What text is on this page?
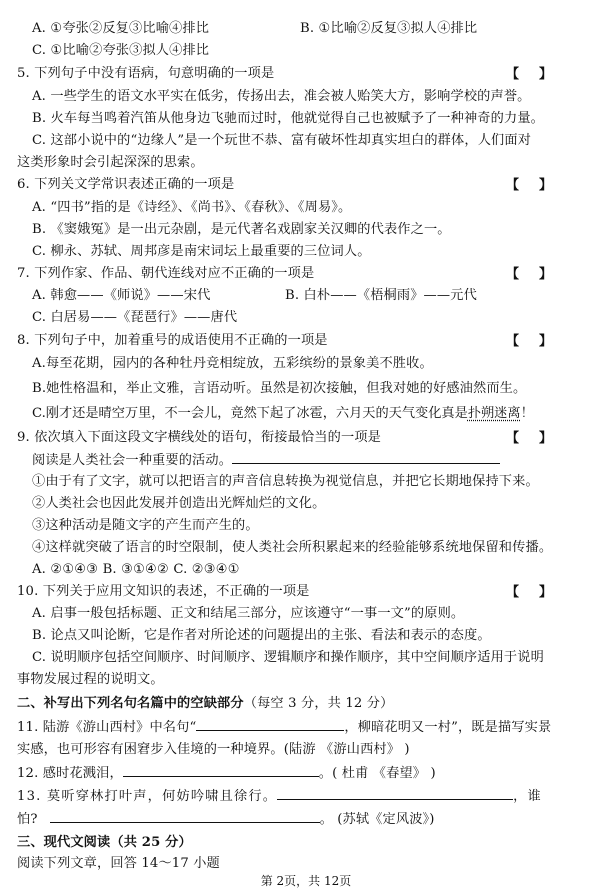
A. ①夸张②反复③比喻④排比	B. ①比喻②反复③拟人④排比
C. ①比喻②夸张③拟人④排比
5. 下列句子中没有语病，句意明确的一项是	【】
A. 一些学生的语文水平实在低劣，传扬出去，准会被人贻笑大方，影响学校的声誉。
B. 火车每当鸣着汽笛从他身边飞驰而过时，他就觉得自己也被赋予了一种神奇的力量。
C. 这部小说中的“边缘人”是一个玩世不恭、富有破坏性却真实坦白的群体，人们面对
这类形象时会引起深深的思索。
6. 下列关文学常识表述正确的一项是	【】
A. “四书”指的是《诗经》、《尚书》、《春秋》、《周易》。
B. 《窦娥冤》是一出元杂剧，是元代著名戏剧家关汉卿的代表作之一。
C. 柳永、苏轼、周邦彦是南宋词坛上最重要的三位词人。
7. 下列作家、作品、朝代连线对应不正确的一项是	【】
A. 韩愈——《师说》——宋代	B. 白朴——《梧桐雨》——元代
C. 白居易——《琵琶行》——唐代
8. 下列句子中，加着重号的成语使用不正确的一项是	【】
A.每至花期，园内的各种牡丹竞相绽放，五彩缤纷的景象美不胜收。
B.她性格温和，举止文雅，言语动听。虽然是初次接触，但我对她的好感油然而生。
C.刚才还是晴空万里，不一会儿，竟然下起了冰雹，六月天的天气变化真是扑朔迷离！
9. 依次填入下面这段文字横线处的语句，衔接最恰当的一项是	【】
阅读是人类社会一种重要的活动。
①由于有了文字，就可以把语言的声音信息转换为视觉信息，并把它长期地保持下来。
②人类社会也因此发展并创造出光辉灿烂的文化。
③这种活动是随文字的产生而产生的。
④这样就突破了语言的时空限制，使人类社会所积累起来的经验能够系统地保留和传播。
A. ②①④③ B. ③①④② C. ②③④①
10. 下列关于应用文知识的表述，不正确的一项是	【】
A. 启事一般包括标题、正文和结尾三部分，应该遵守“一事一文”的原则。
B. 论点又叫论断，它是作者对所论述的问题提出的主张、看法和表示的态度。
C. 说明顺序包括空间顺序、时间顺序、逻辑顺序和操作顺序，其中空间顺序适用于说明
事物发展过程的说明文。
二、补写出下列名句名篇中的空缺部分（每空 3 分，共 12 分）
11. 陆游《游山西村》中名句“	，柳暗花明又一村”，既是描写实景
实感，也可形容有困窘步入佳境的一种境界。(陆游 《游山西村》 )
12. 感时花溅泪，	。( 杜甫 《春望》 )
13. 莫听穿林打叶声，何妨吟啸且徐行。	，谁
怕?	。 (苏轼《定风波》)
三、现代文阅读（共 25 分）
阅读下列文章，回答 14～17 小题
第 2页，共 12页
